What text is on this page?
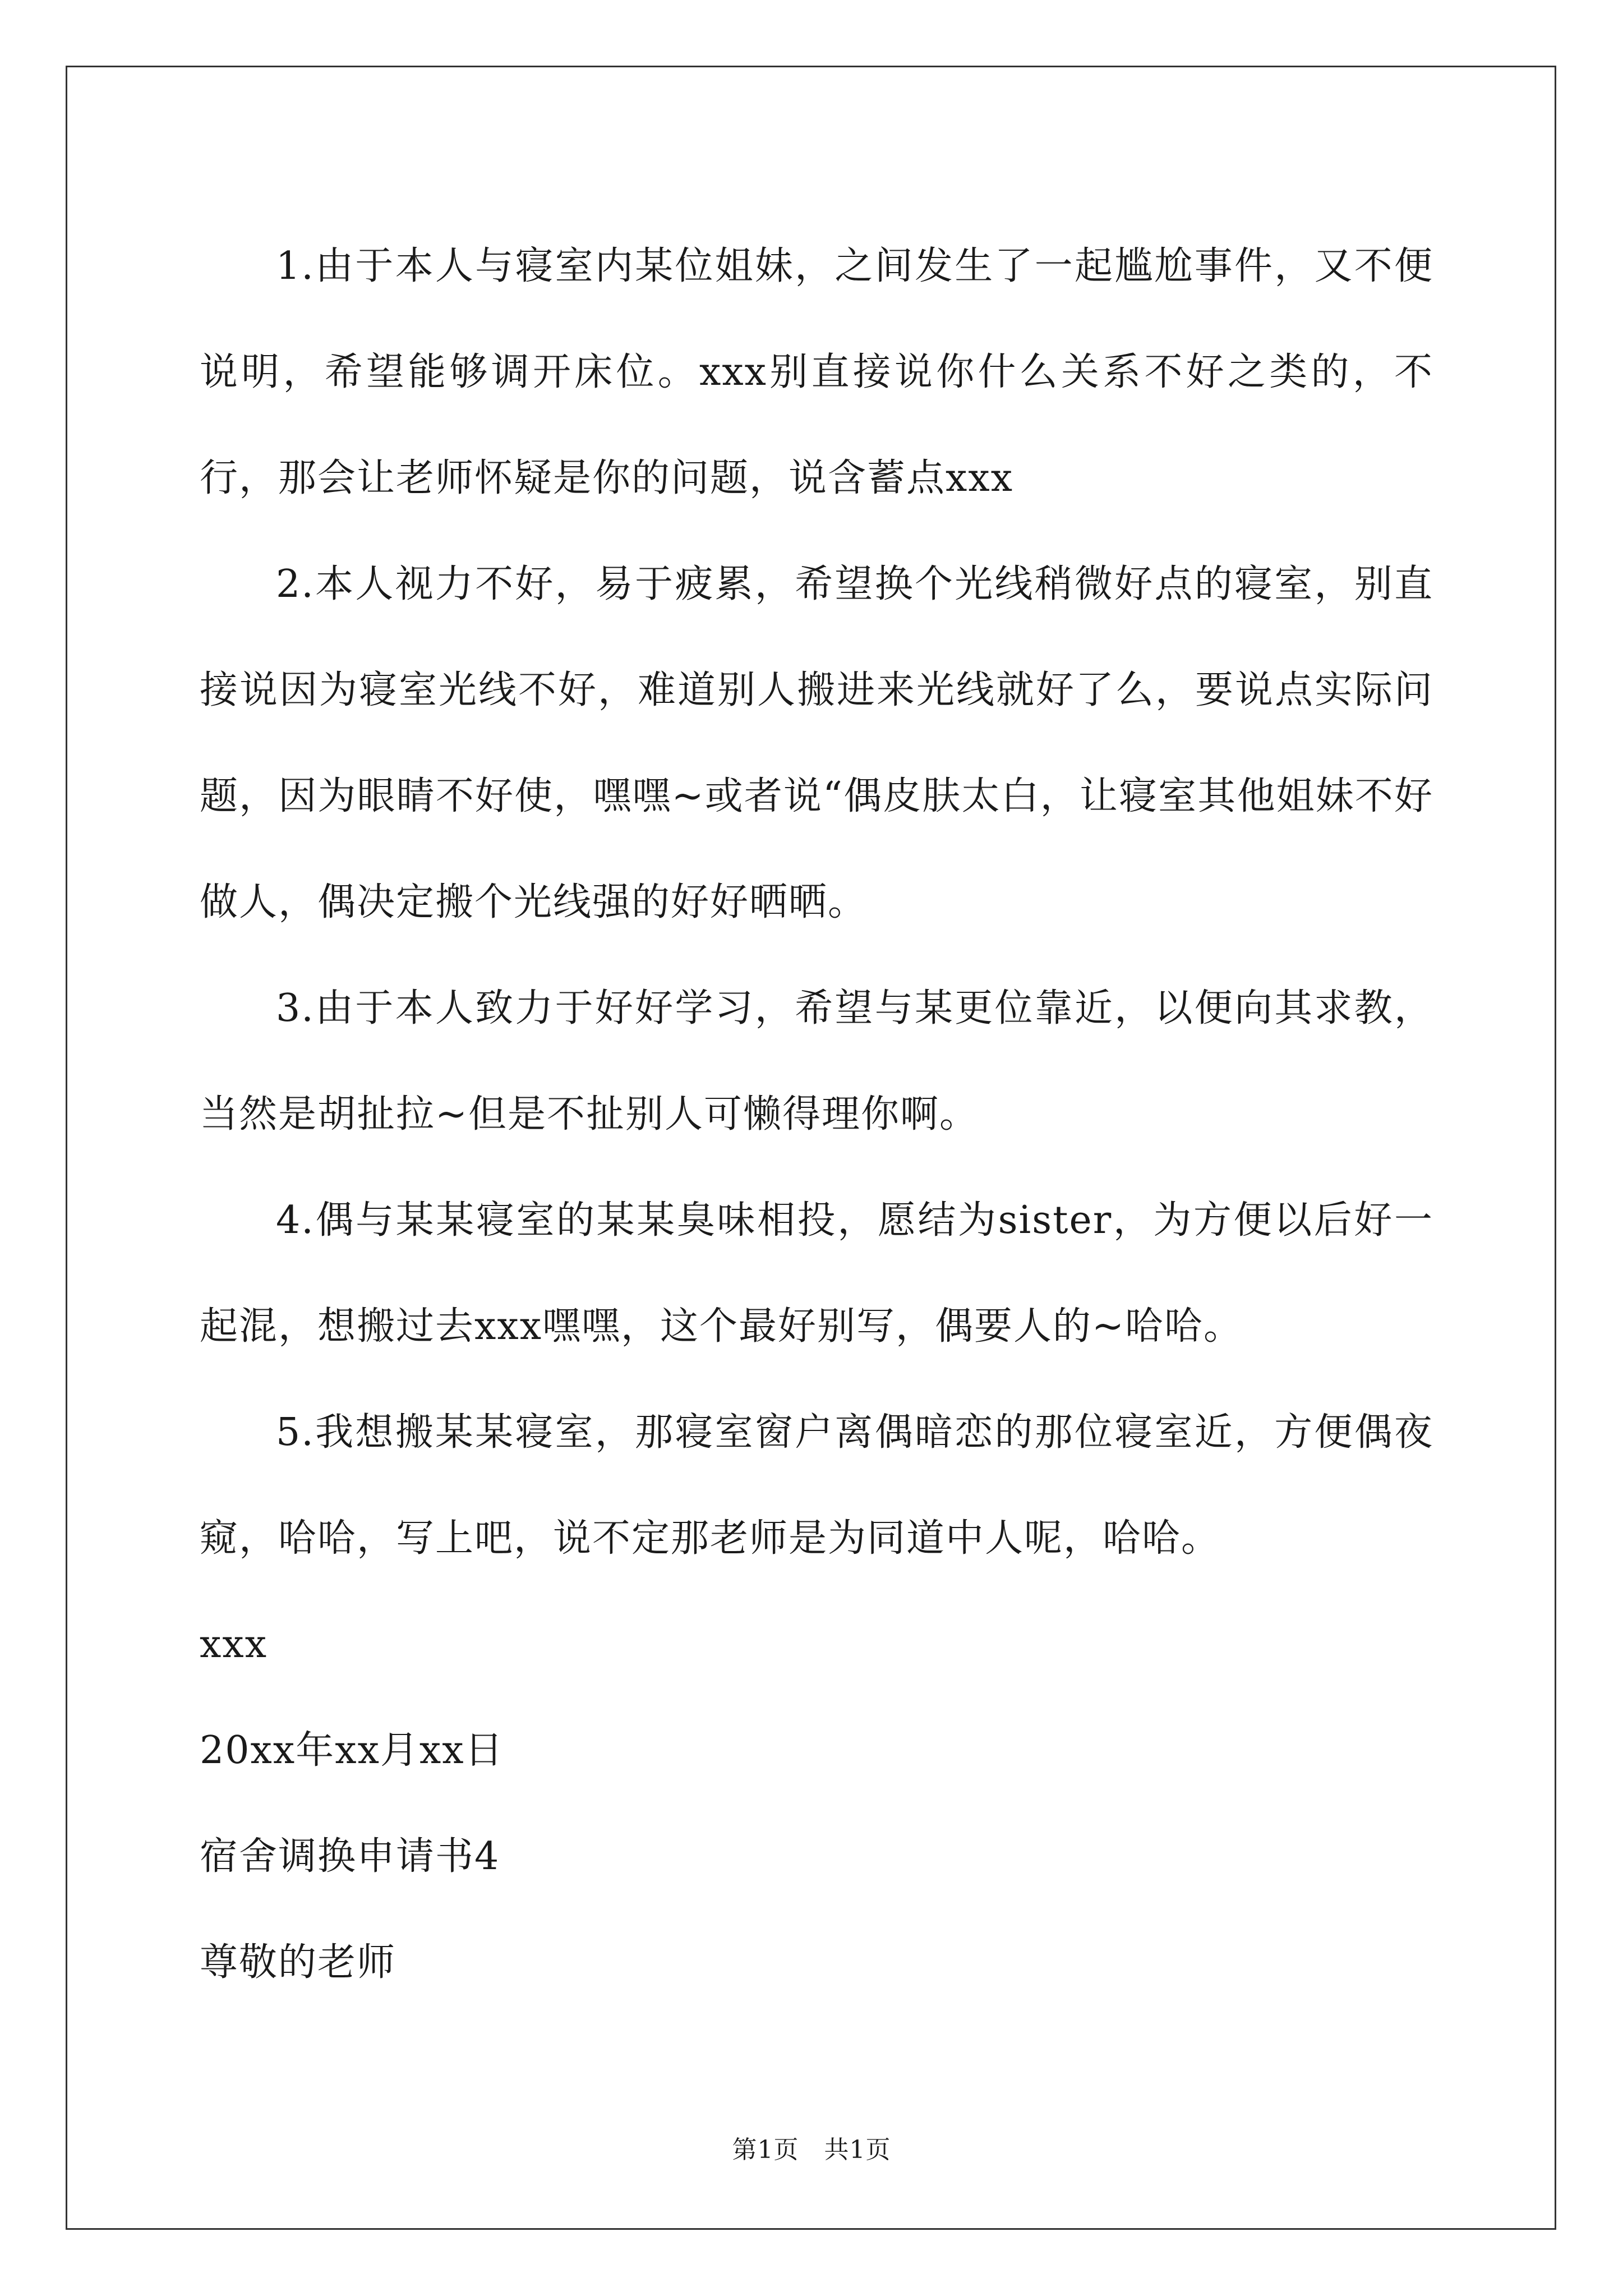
1.由于本人与寝室内某位姐妹，之间发生了一起尴尬事件，又不便说明，希望能够调开床位。xxx别直接说你什么关系不好之类的，不行，那会让老师怀疑是你的问题，说含蓄点xxx

2.本人视力不好，易于疲累，希望换个光线稍微好点的寝室，别直接说因为寝室光线不好，难道别人搬进来光线就好了么，要说点实际问题，因为眼睛不好使，嘿嘿~或者说“偶皮肤太白，让寝室其他姐妹不好做人，偶决定搬个光线强的好好晒晒。

3.由于本人致力于好好学习，希望与某更位靠近，以便向其求教，当然是胡扯拉~但是不扯别人可懒得理你啊。

4.偶与某某寝室的某某臭味相投，愿结为sister，为方便以后好一起混，想搬过去xxx嘿嘿，这个最好别写，偶要人的~哈哈。

5.我想搬某某寝室，那寝室窗户离偶暗恋的那位寝室近，方便偶夜窥，哈哈，写上吧，说不定那老师是为同道中人呢，哈哈。

xxx

20xx年xx月xx日

宿舍调换申请书4

尊敬的老师

第1页   共1页
